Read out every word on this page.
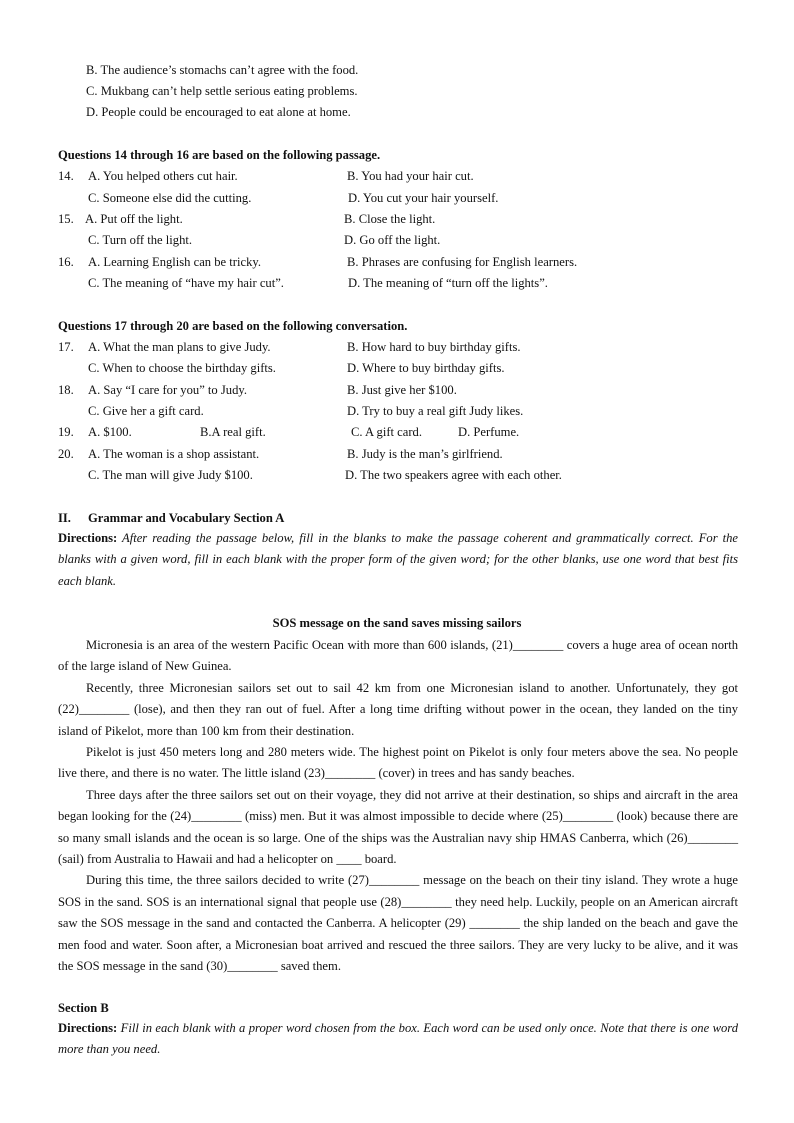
B. The audience’s stomachs can’t agree with the food.
C. Mukbang can’t help settle serious eating problems.
D. People could be encouraged to eat alone at home.
Questions 14 through 16 are based on the following passage.
14. A. You helped others cut hair.	B. You had your hair cut.
C. Someone else did the cutting.	D. You cut your hair yourself.
15. A. Put off the light.	B. Close the light.
C. Turn off the light.	D. Go off the light.
16. A. Learning English can be tricky.	B. Phrases are confusing for English learners.
C. The meaning of “have my hair cut”.	D. The meaning of “turn off the lights”.
Questions 17 through 20 are based on the following conversation.
17. A. What the man plans to give Judy.	B. How hard to buy birthday gifts.
C. When to choose the birthday gifts.	D. Where to buy birthday gifts.
18. A. Say “I care for you” to Judy.	B. Just give her $100.
C. Give her a gift card.	D. Try to buy a real gift Judy likes.
19. A. $100.	B.A real gift.	C. A gift card.	D. Perfume.
20. A. The woman is a shop assistant.	B. Judy is the man’s girlfriend.
C. The man will give Judy $100.	D. The two speakers agree with each other.
II. Grammar and Vocabulary Section A
Directions: After reading the passage below, fill in the blanks to make the passage coherent and grammatically correct. For the blanks with a given word, fill in each blank with the proper form of the given word; for the other blanks, use one word that best fits each blank.
SOS message on the sand saves missing sailors

Micronesia is an area of the western Pacific Ocean with more than 600 islands, (21)________ covers a huge area of ocean north of the large island of New Guinea.

Recently, three Micronesian sailors set out to sail 42 km from one Micronesian island to another. Unfortunately, they got (22)________ (lose), and then they ran out of fuel. After a long time drifting without power in the ocean, they landed on the tiny island of Pikelot, more than 100 km from their destination.

Pikelot is just 450 meters long and 280 meters wide. The highest point on Pikelot is only four meters above the sea. No people live there, and there is no water. The little island (23)________ (cover) in trees and has sandy beaches.

Three days after the three sailors set out on their voyage, they did not arrive at their destination, so ships and aircraft in the area began looking for the (24)________ (miss) men. But it was almost impossible to decide where (25)________ (look) because there are so many small islands and the ocean is so large. One of the ships was the Australian navy ship HMAS Canberra, which (26)________ (sail) from Australia to Hawaii and had a helicopter on ____ board.

During this time, the three sailors decided to write (27)________ message on the beach on their tiny island. They wrote a huge SOS in the sand. SOS is an international signal that people use (28)________ they need help. Luckily, people on an American aircraft saw the SOS message in the sand and contacted the Canberra. A helicopter (29) ________ the ship landed on the beach and gave the men food and water. Soon after, a Micronesian boat arrived and rescued the three sailors. They are very lucky to be alive, and it was the SOS message in the sand (30)________ saved them.

Section B
Directions: Fill in each blank with a proper word chosen from the box. Each word can be used only once. Note that there is one word more than you need.
